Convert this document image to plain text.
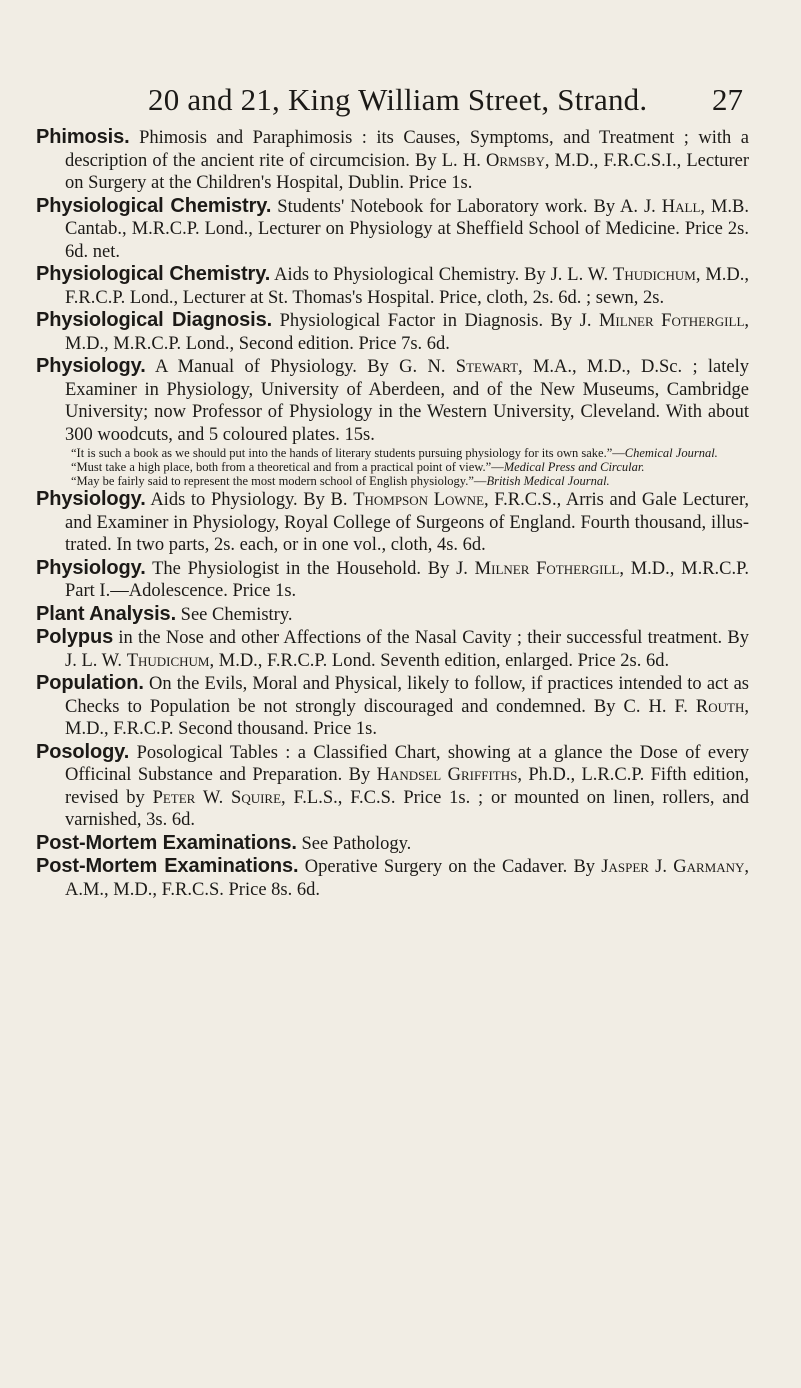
20 and 21, King William Street, Strand. 27

Phimosis. Phimosis and Paraphimosis : its Causes, Symptoms, and Treatment ; with a description of the ancient rite of circumcision. By L. H. Ormsby, M.D., F.R.C.S.I., Lecturer on Surgery at the Children's Hospital, Dublin. Price 1s.

Physiological Chemistry. Students' Notebook for Laboratory work. By A. J. Hall, M.B. Cantab., M.R.C.P. Lond., Lecturer on Physiology at Sheffield School of Medicine. Price 2s. 6d. net.

Physiological Chemistry. Aids to Physiological Chemistry. By J. L. W. Thudichum, M.D., F.R.C.P. Lond., Lecturer at St. Thomas's Hospital. Price, cloth, 2s. 6d. ; sewn, 2s.

Physiological Diagnosis. Physiological Factor in Diagnosis. By J. Milner Fothergill, M.D., M.R.C.P. Lond., Second edition. Price 7s. 6d.

Physiology. A Manual of Physiology. By G. N. Stewart, M.A., M.D., D.Sc. ; lately Examiner in Physiology, University of Aberdeen, and of the New Museums, Cambridge University; now Professor of Physiology in the Western University, Cleveland. With about 300 woodcuts, and 5 coloured plates. 15s.

“It is such a book as we should put into the hands of literary students pursuing physiology for its own sake.”—Chemical Journal.

“Must take a high place, both from a theoretical and from a practical point of view.”—Medical Press and Circular.

“May be fairly said to represent the most modern school of English physiology.”—British Medical Journal.

Physiology. Aids to Physiology. By B. Thompson Lowne, F.R.C.S., Arris and Gale Lecturer, and Examiner in Physiology, Royal College of Surgeons of England. Fourth thousand, illustrated. In two parts, 2s. each, or in one vol., cloth, 4s. 6d.

Physiology. The Physiologist in the Household. By J. Milner Fothergill, M.D., M.R.C.P. Part I.—Adolescence. Price 1s.

Plant Analysis. See Chemistry.

Polypus in the Nose and other Affections of the Nasal Cavity ; their successful treatment. By J. L. W. Thudichum, M.D., F.R.C.P. Lond. Seventh edition, enlarged. Price 2s. 6d.

Population. On the Evils, Moral and Physical, likely to follow, if practices intended to act as Checks to Population be not strongly discouraged and condemned. By C. H. F. Routh, M.D., F.R.C.P. Second thousand. Price 1s.

Posology. Posological Tables : a Classified Chart, showing at a glance the Dose of every Officinal Substance and Preparation. By Handsel Griffiths, Ph.D., L.R.C.P. Fifth edition, revised by Peter W. Squire, F.L.S., F.C.S. Price 1s. ; or mounted on linen, rollers, and varnished, 3s. 6d.

Post-Mortem Examinations. See Pathology.

Post-Mortem Examinations. Operative Surgery on the Cadaver. By Jasper J. Garmany, A.M., M.D., F.R.C.S. Price 8s. 6d.
